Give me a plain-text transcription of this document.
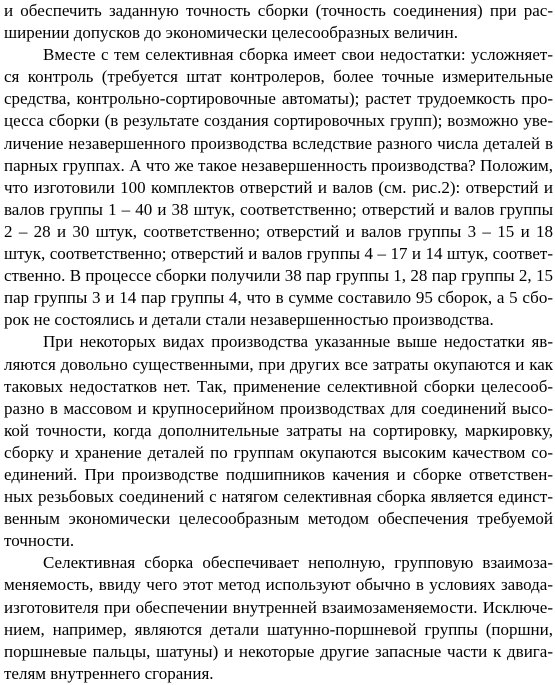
и обеспечить заданную точность сборки (точность соединения) при рас-
ширении допусков до экономически целесообразных величин.
Вместе с тем селективная сборка имеет свои недостатки: усложняет-
ся контроль (требуется штат контролеров, более точные измерительные
средства, контрольно-сортировочные автоматы); растет трудоемкость про-
цесса сборки (в результате создания сортировочных групп); возможно уве-
личение незавершенного производства вследствие разного числа деталей в
парных группах. А что же такое незавершенность производства? Положим,
что изготовили 100 комплектов отверстий и валов (см. рис.2): отверстий и
валов группы 1 – 40 и 38 штук, соответственно; отверстий и валов группы
2 – 28 и 30 штук, соответственно; отверстий и валов группы 3 – 15 и 18
штук, соответственно; отверстий и валов группы 4 – 17 и 14 штук, соответ-
ственно. В процессе сборки получили 38 пар группы 1, 28 пар группы 2, 15
пар группы 3 и 14 пар группы 4, что в сумме составило 95 сборок, а 5 сбо-
рок не состоялись и детали стали незавершенностью производства.
При некоторых видах производства указанные выше недостатки яв-
ляются довольно существенными, при других все затраты окупаются и как
таковых недостатков нет. Так, применение селективной сборки целесооб-
разно в массовом и крупносерийном производствах для соединений высо-
кой точности, когда дополнительные затраты на сортировку, маркировку,
сборку и хранение деталей по группам окупаются высоким качеством со-
единений. При производстве подшипников качения и сборке ответствен-
ных резьбовых соединений с натягом селективная сборка является единст-
венным экономически целесообразным методом обеспечения требуемой
точности.
Селективная сборка обеспечивает неполную, групповую взаимоза-
меняемость, ввиду чего этот метод используют обычно в условиях завода-
изготовителя при обеспечении внутренней взаимозаменяемости. Исключе-
нием, например, являются детали шатунно-поршневой группы (поршни,
поршневые пальцы, шатуны) и некоторые другие запасные части к двига-
телям внутреннего сгорания.
